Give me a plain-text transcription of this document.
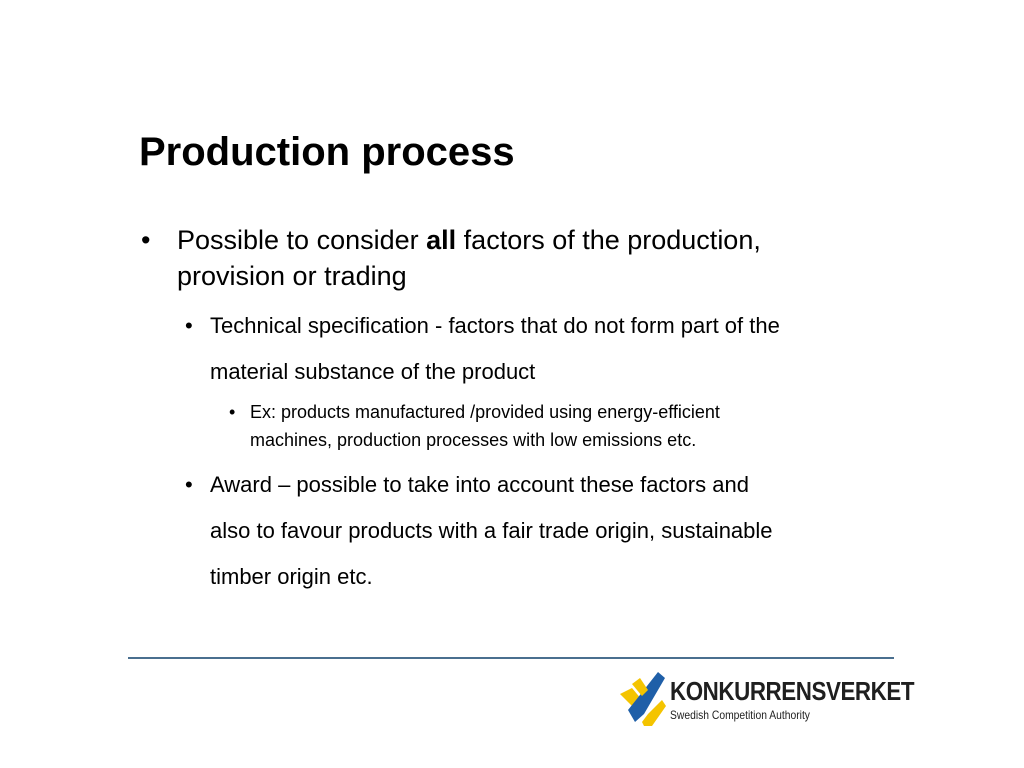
Production process
• Possible to consider all factors of the production,
provision or trading
• Technical specification - factors that do not form part of the
material substance of the product
• Ex: products manufactured /provided using energy-efficient
machines, production processes with low emissions etc.
• Award – possible to take into account these factors and
also to favour products with a fair trade origin, sustainable
timber origin etc.
KONKURRENSVERKET
Swedish Competition Authority
